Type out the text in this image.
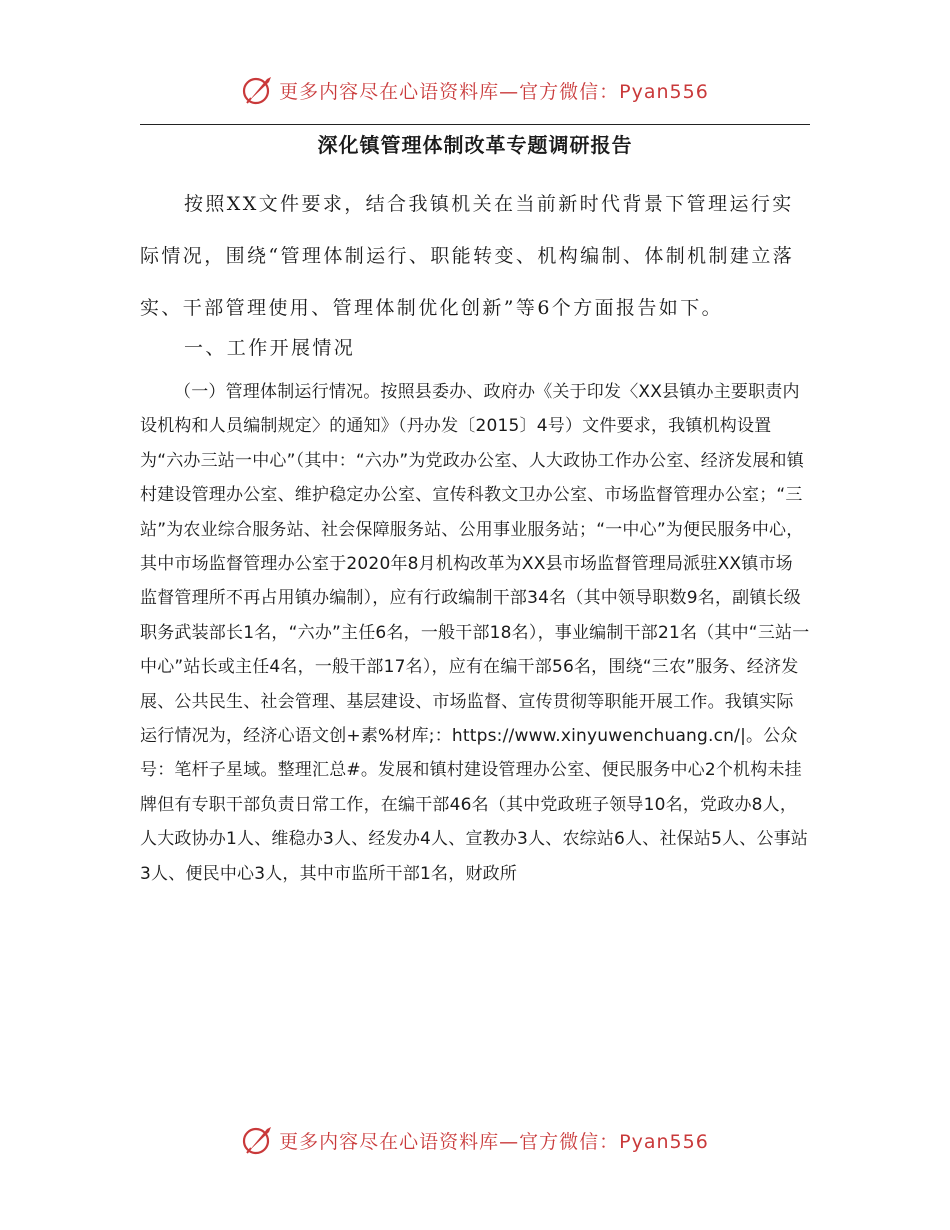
更多内容尽在心语资料库—官方微信：Pyan556
深化镇管理体制改革专题调研报告

按照XX文件要求，结合我镇机关在当前新时代背景下管理运行实际情况，围绕“管理体制运行、职能转变、机构编制、体制机制建立落实、干部管理使用、管理体制优化创新”等6个方面报告如下。

一、工作开展情况

（一）管理体制运行情况。按照县委办、政府办《关于印发〈XX县镇办主要职责内设机构和人员编制规定〉的通知》（丹办发〔2015〕4号）文件要求，我镇机构设置为“六办三站一中心”（其中：“六办”为党政办公室、人大政协工作办公室、经济发展和镇村建设管理办公室、维护稳定办公室、宣传科教文卫办公室、市场监督管理办公室；“三站”为农业综合服务站、社会保障服务站、公用事业服务站；“一中心”为便民服务中心，其中市场监督管理办公室于2020年8月机构改革为XX县市场监督管理局派驻XX镇市场监督管理所不再占用镇办编制），应有行政编制干部34名（其中领导职数9名，副镇长级职务武装部长1名，“六办”主任6名，一般干部18名），事业编制干部21名（其中“三站一中心”站长或主任4名，一般干部17名），应有在编干部56名，围绕“三农”服务、经济发展、公共民生、社会管理、基层建设、市场监督、宣传贯彻等职能开展工作。我镇实际运行情况为，经济心语文创+素%材库;：https://www.xinyuwenchuang.cn/|。公众号：笔杆子星域。整理汇总#。发展和镇村建设管理办公室、便民服务中心2个机构未挂牌但有专职干部负责日常工作，在编干部46名（其中党政班子领导10名，党政办8人，人大政协办1人、维稳办3人、经发办4人、宣教办3人、农综站6人、社保站5人、公事站3人、便民中心3人，其中市监所干部1名，财政所

更多内容尽在心语资料库—官方微信：Pyan556
